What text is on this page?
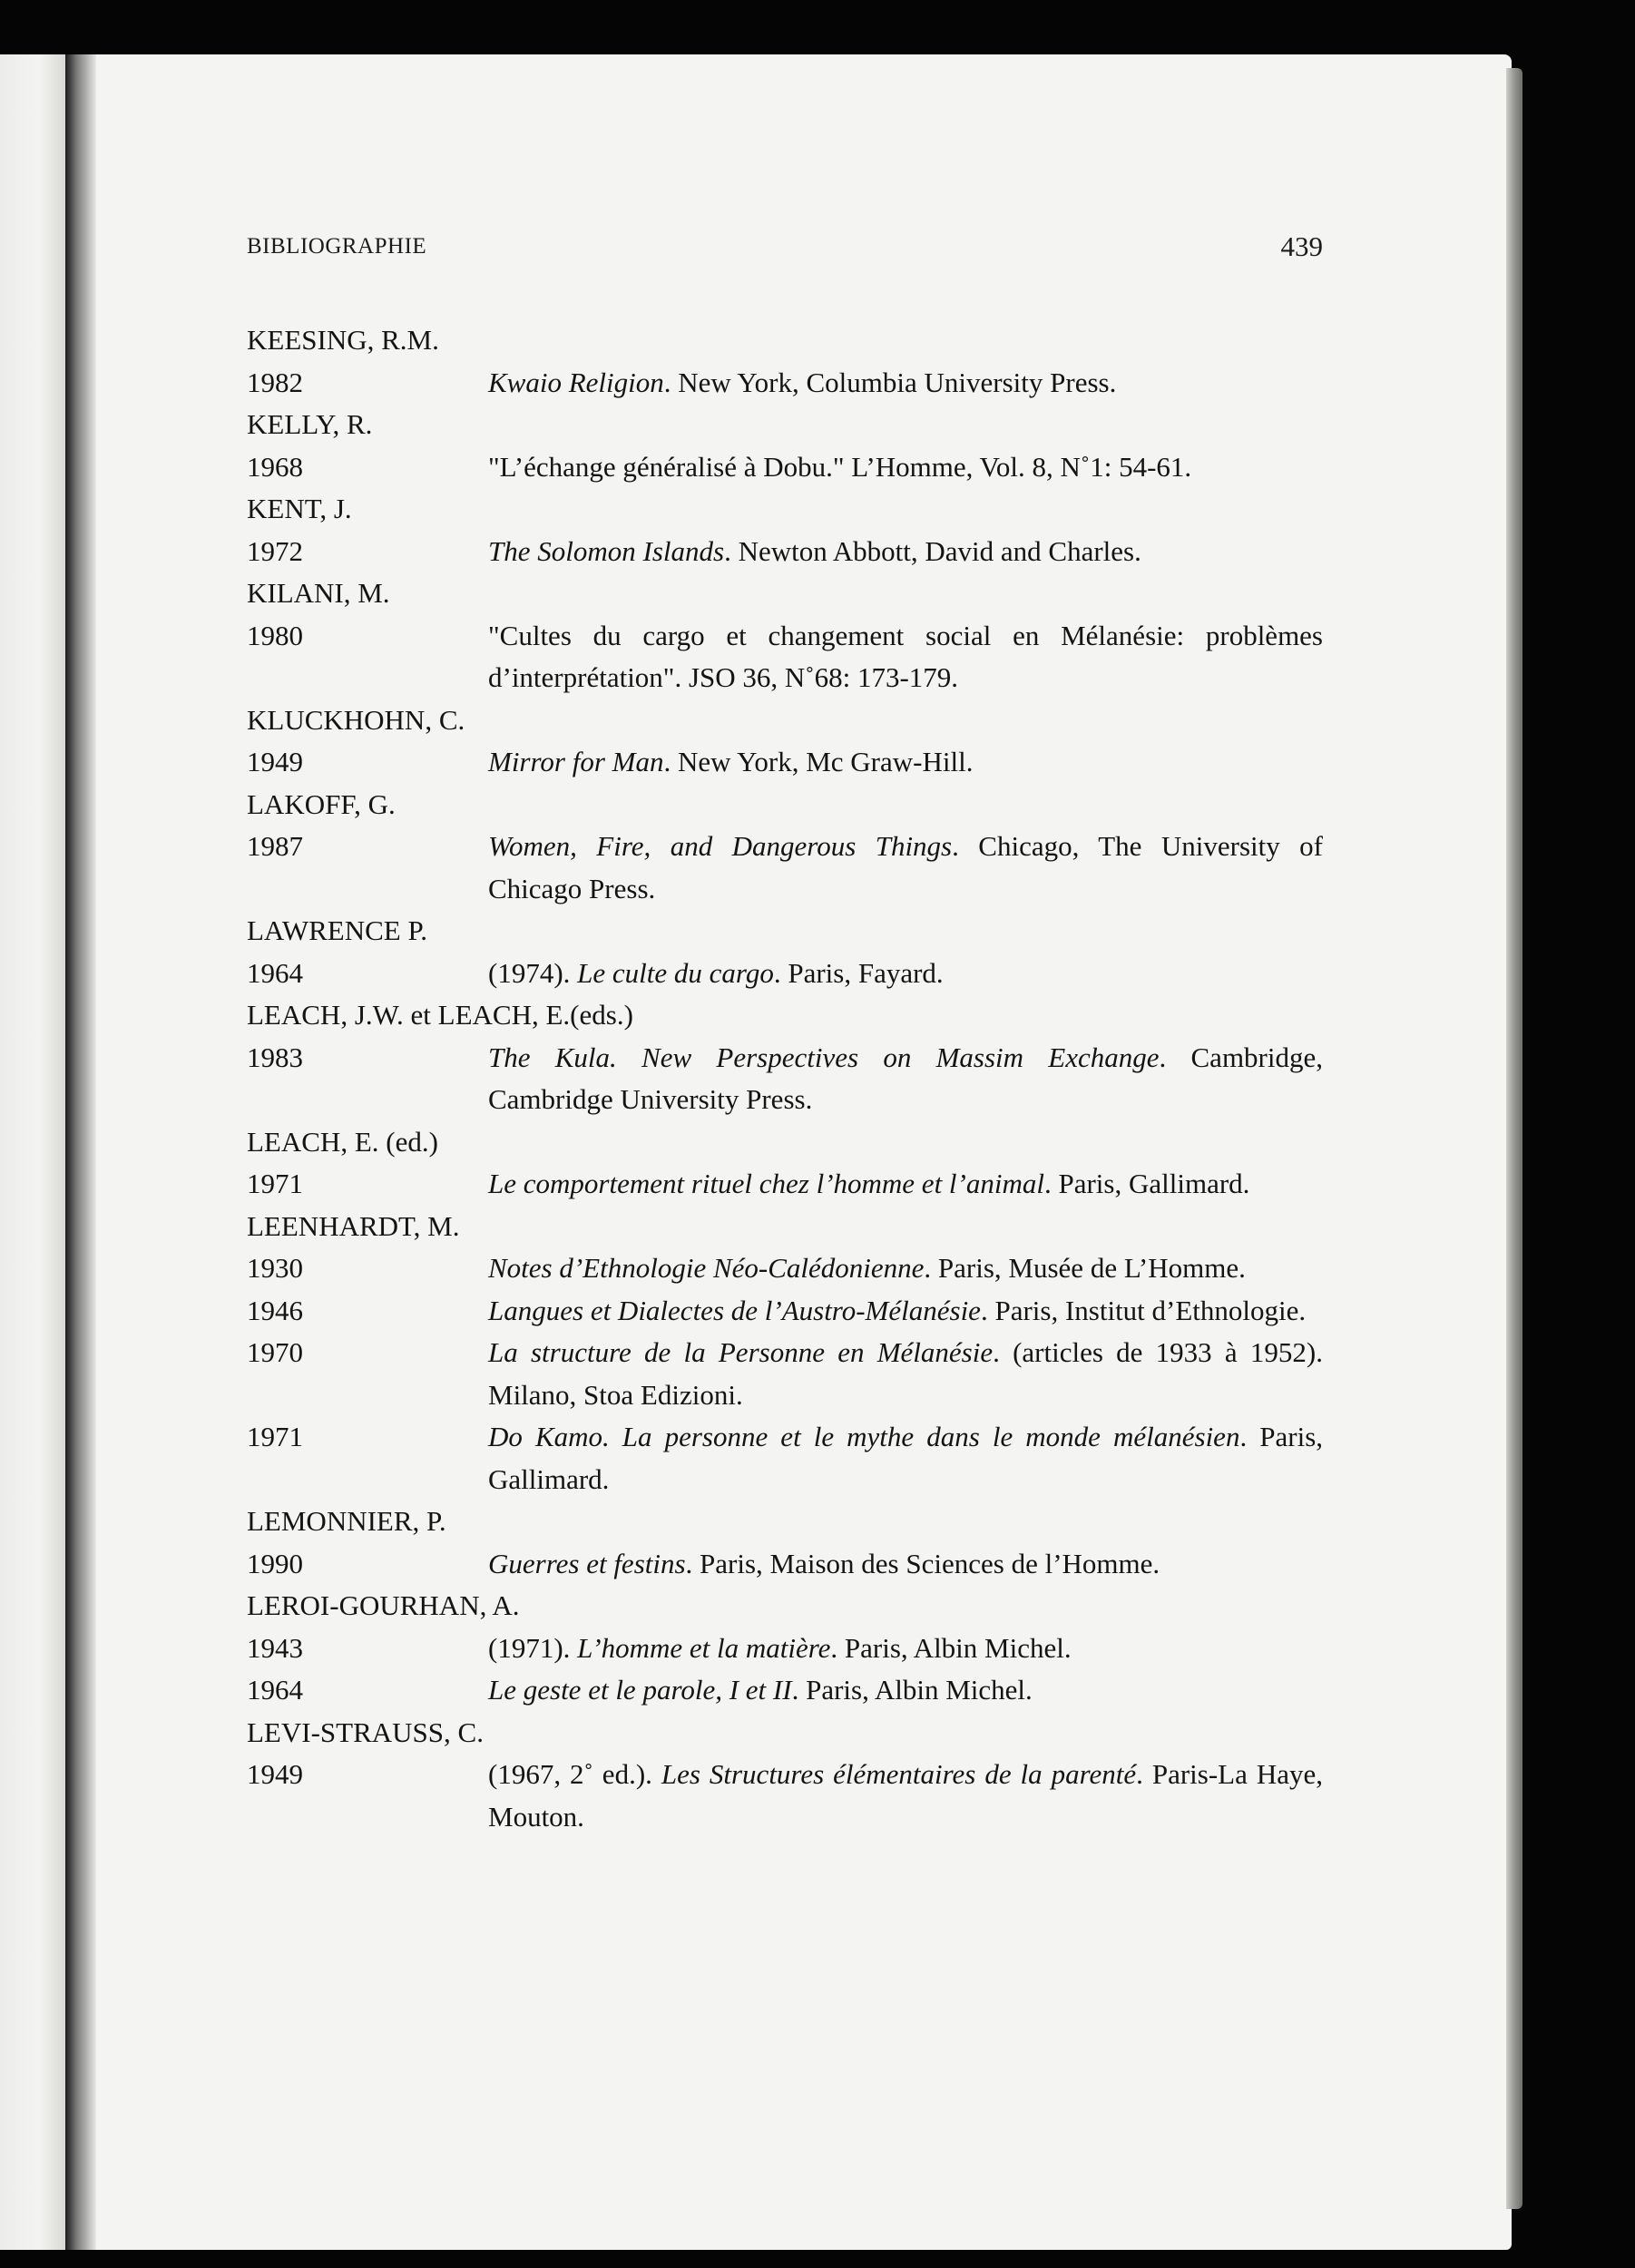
BIBLIOGRAPHIE	439
KEESING, R.M.
1982	Kwaio Religion. New York, Columbia University Press.
KELLY, R.
1968	"L’échange généralisé à Dobu." L’Homme, Vol. 8, N˚1: 54-61.
KENT, J.
1972	The Solomon Islands. Newton Abbott, David and Charles.
KILANI, M.
1980	"Cultes du cargo et changement social en Mélanésie: problèmes d’interprétation". JSO 36, N˚68: 173-179.
KLUCKHOHN, C.
1949	Mirror for Man. New York, Mc Graw-Hill.
LAKOFF, G.
1987	Women, Fire, and Dangerous Things. Chicago, The University of Chicago Press.
LAWRENCE P.
1964	(1974). Le culte du cargo. Paris, Fayard.
LEACH, J.W. et LEACH, E.(eds.)
1983	The Kula. New Perspectives on Massim Exchange. Cambridge, Cambridge University Press.
LEACH, E. (ed.)
1971	Le comportement rituel chez l’homme et l’animal. Paris, Gallimard.
LEENHARDT, M.
1930	Notes d’Ethnologie Néo-Calédonienne. Paris, Musée de L’Homme.
1946	Langues et Dialectes de l’Austro-Mélanésie. Paris, Institut d’Ethnologie.
1970	La structure de la Personne en Mélanésie. (articles de 1933 à 1952). Milano, Stoa Edizioni.
1971	Do Kamo. La personne et le mythe dans le monde mélanésien. Paris, Gallimard.
LEMONNIER, P.
1990	Guerres et festins. Paris, Maison des Sciences de l’Homme.
LEROI-GOURHAN, A.
1943	(1971). L’homme et la matière. Paris, Albin Michel.
1964	Le geste et le parole, I et II. Paris, Albin Michel.
LEVI-STRAUSS, C.
1949	(1967, 2˚ ed.). Les Structures élémentaires de la parenté. Paris-La Haye, Mouton.
